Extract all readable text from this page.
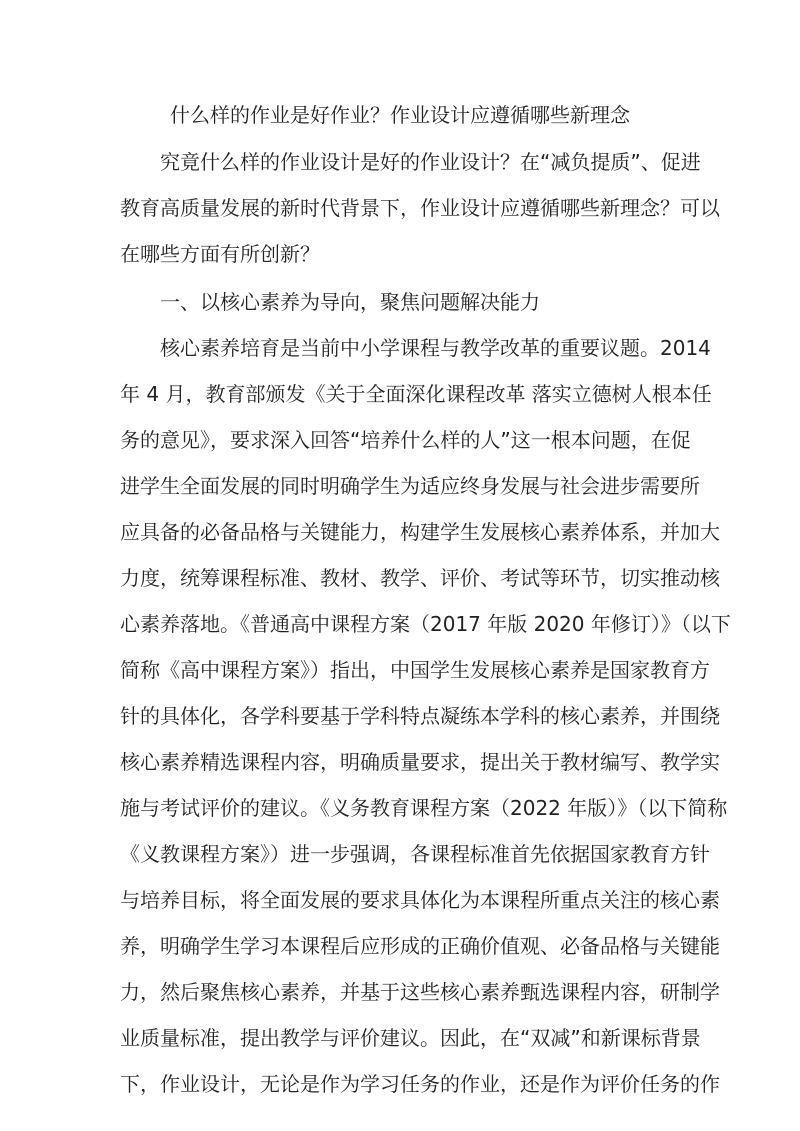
什么样的作业是好作业？作业设计应遵循哪些新理念
究竟什么样的作业设计是好的作业设计？在“减负提质”、促进
教育高质量发展的新时代背景下，作业设计应遵循哪些新理念？可以
在哪些方面有所创新？
一、以核心素养为导向，聚焦问题解决能力
核心素养培育是当前中小学课程与教学改革的重要议题。2014
年 4 月，教育部颁发《关于全面深化课程改革 落实立德树人根本任
务的意见》，要求深入回答“培养什么样的人”这一根本问题，在促
进学生全面发展的同时明确学生为适应终身发展与社会进步需要所
应具备的必备品格与关键能力，构建学生发展核心素养体系，并加大
力度，统筹课程标准、教材、教学、评价、考试等环节，切实推动核
心素养落地。《普通高中课程方案（2017 年版 2020 年修订）》（以下
简称《高中课程方案》）指出，中国学生发展核心素养是国家教育方
针的具体化，各学科要基于学科特点凝练本学科的核心素养，并围绕
核心素养精选课程内容，明确质量要求，提出关于教材编写、教学实
施与考试评价的建议。《义务教育课程方案（2022 年版）》（以下简称
《义教课程方案》）进一步强调，各课程标准首先依据国家教育方针
与培养目标，将全面发展的要求具体化为本课程所重点关注的核心素
养，明确学生学习本课程后应形成的正确价值观、必备品格与关键能
力，然后聚焦核心素养，并基于这些核心素养甄选课程内容，研制学
业质量标准，提出教学与评价建议。因此，在“双减”和新课标背景
下，作业设计，无论是作为学习任务的作业，还是作为评价任务的作
